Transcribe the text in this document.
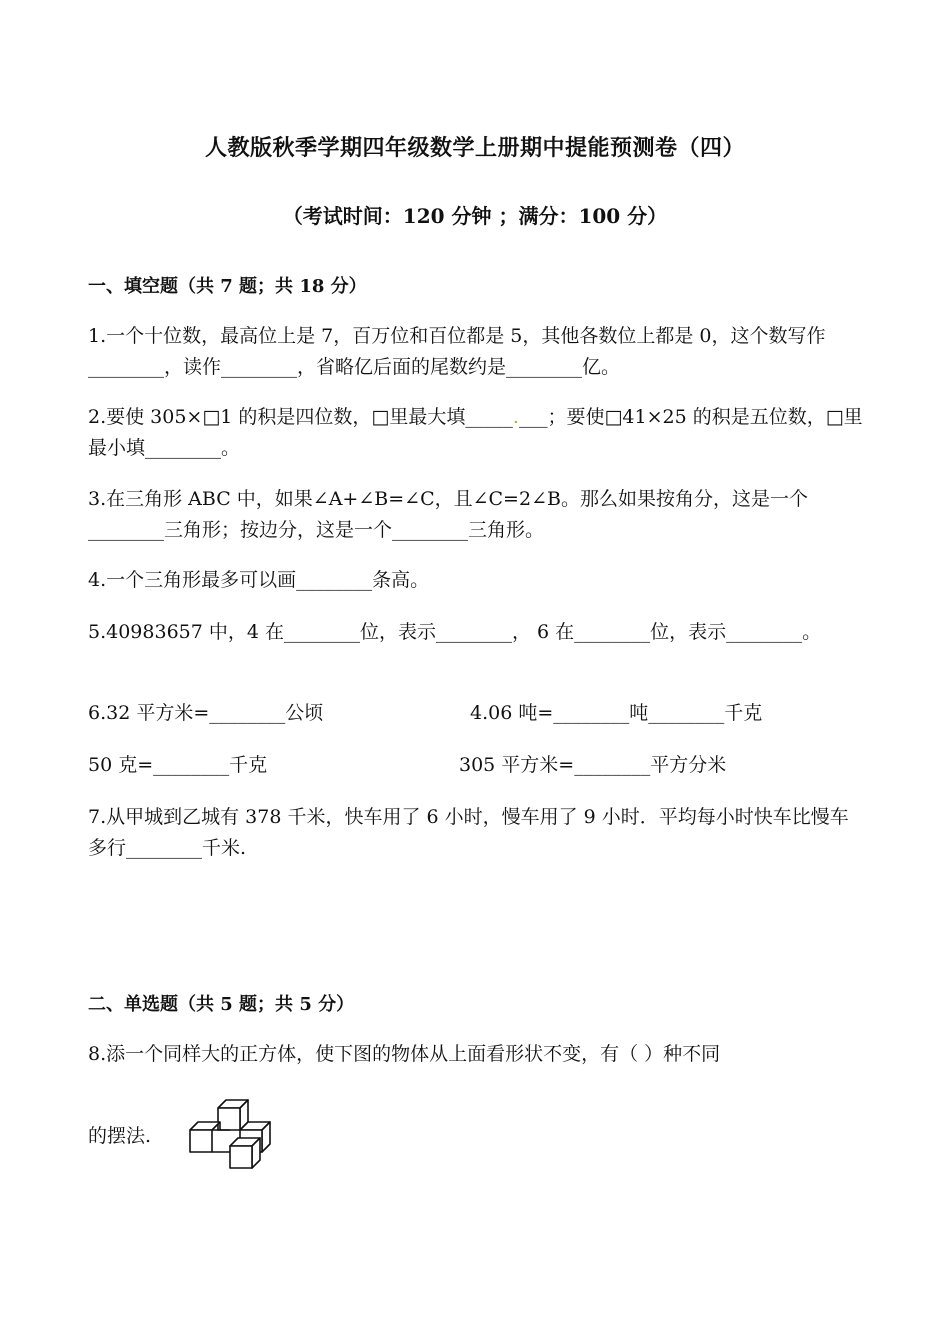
人教版秋季学期四年级数学上册期中提能预测卷（四）
（考试时间：120 分钟 ；满分：100 分）
一、填空题（共 7 题；共 18 分）
1.一个十位数，最高位上是 7，百万位和百位都是 5，其他各数位上都是 0，这个数写作________，读作________，省略亿后面的尾数约是________亿。
2.要使 305×□1 的积是四位数，□里最大填_____.___；要使□41×25 的积是五位数，□里最小填________。
3.在三角形 ABC 中，如果∠A+∠B=∠C，且∠C=2∠B。那么如果按角分，这是一个________三角形；按边分，这是一个________三角形。
4.一个三角形最多可以画________条高。
5.40983657 中，4 在________位，表示________， 6 在________位，表示________。
6.32 平方米=________公顷	4.06 吨=________吨________千克
50 克=________千克	305 平方米=________平方分米
7.从甲城到乙城有 378 千米，快车用了 6 小时，慢车用了 9 小时．平均每小时快车比慢车多行________千米.
二、单选题（共 5 题；共 5 分）
8.添一个同样大的正方体，使下图的物体从上面看形状不变，有（ ）种不同
的摆法.
